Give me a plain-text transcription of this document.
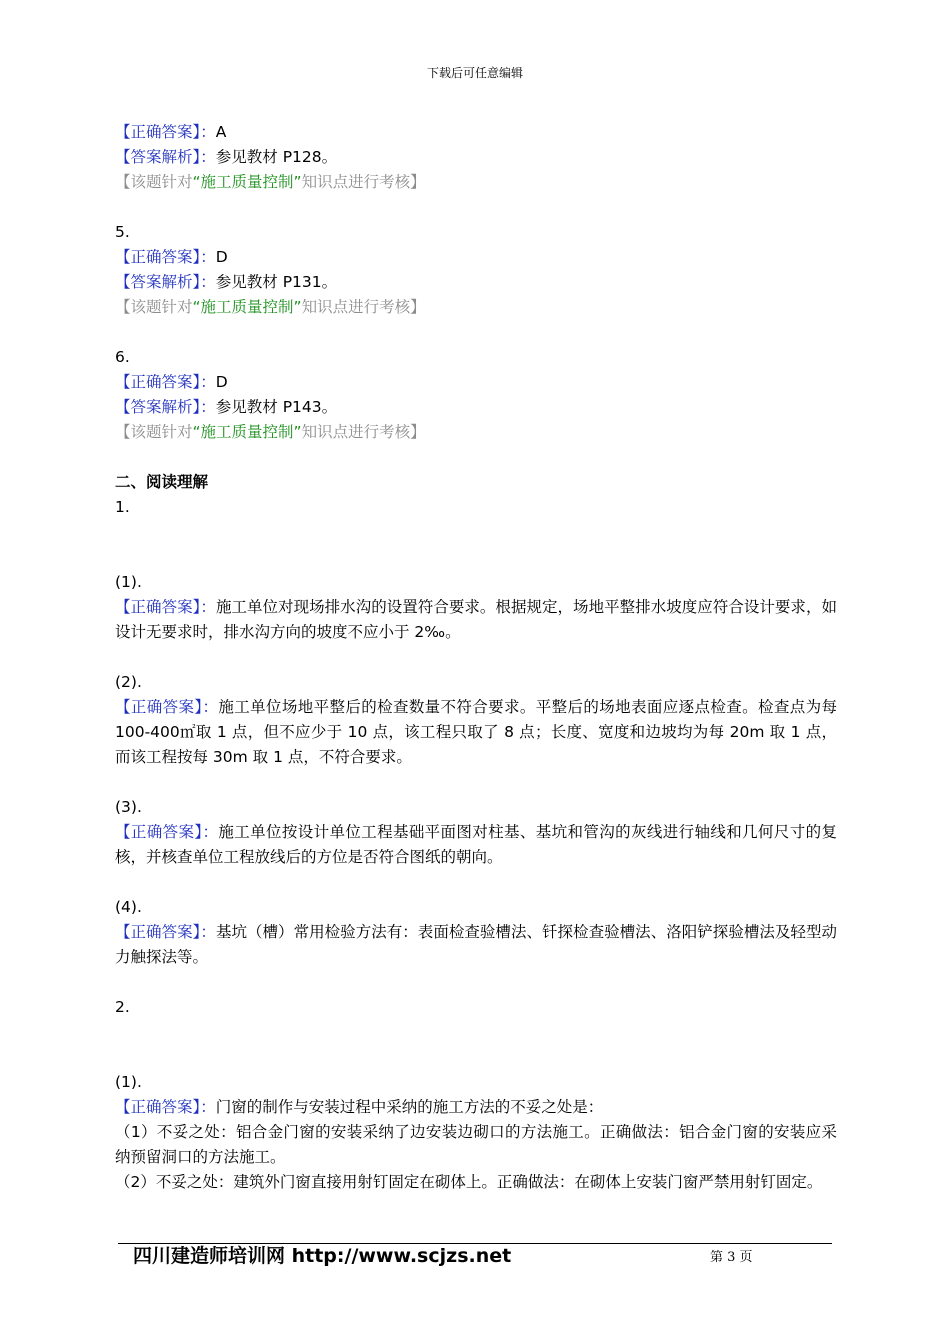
下载后可任意编辑

【正确答案】：A

【答案解析】：参见教材 P128。

【该题针对“施工质量控制”知识点进行考核】

5.

【正确答案】：D

【答案解析】：参见教材 P131。

【该题针对“施工质量控制”知识点进行考核】

6.

【正确答案】：D

【答案解析】：参见教材 P143。

【该题针对“施工质量控制”知识点进行考核】

二、阅读理解

1.

(1).

【正确答案】：施工单位对现场排水沟的设置符合要求。根据规定，场地平整排水坡度应符合设计要求，如设计无要求时，排水沟方向的坡度不应小于 2‰。

(2).

【正确答案】：施工单位场地平整后的检查数量不符合要求。平整后的场地表面应逐点检查。检查点为每 100-400㎡取 1 点，但不应少于 10 点，该工程只取了 8 点；长度、宽度和边坡均为每 20m 取 1 点，而该工程按每 30m 取 1 点，不符合要求。

(3).

【正确答案】：施工单位按设计单位工程基础平面图对柱基、基坑和管沟的灰线进行轴线和几何尺寸的复核，并核查单位工程放线后的方位是否符合图纸的朝向。

(4).

【正确答案】：基坑（槽）常用检验方法有：表面检查验槽法、钎探检查验槽法、洛阳铲探验槽法及轻型动力触探法等。

2.

(1).

【正确答案】：门窗的制作与安装过程中采纳的施工方法的不妥之处是：

（1）不妥之处：铝合金门窗的安装采纳了边安装边砌口的方法施工。正确做法：铝合金门窗的安装应采纳预留洞口的方法施工。

（2）不妥之处：建筑外门窗直接用射钉固定在砌体上。正确做法：在砌体上安装门窗严禁用射钉固定。

四川建造师培训网 http://www.scjzs.net	第 3 页
